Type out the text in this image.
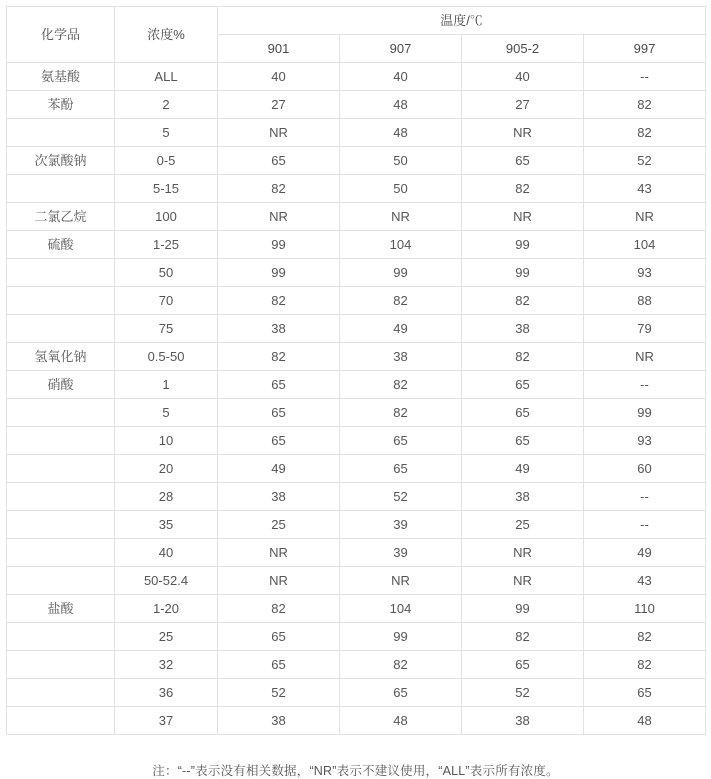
化学品	浓度%	温度/℃			
		901	907	905-2	997
氨基酸	ALL	40	40	40	--
苯酚	2	27	48	27	82
	5	NR	48	NR	82
次氯酸钠	0-5	65	50	65	52
	5-15	82	50	82	43
二氯乙烷	100	NR	NR	NR	NR
硫酸	1-25	99	104	99	104
	50	99	99	99	93
	70	82	82	82	88
	75	38	49	38	79
氢氧化钠	0.5-50	82	38	82	NR
硝酸	1	65	82	65	--
	5	65	82	65	99
	10	65	65	65	93
	20	49	65	49	60
	28	38	52	38	--
	35	25	39	25	--
	40	NR	39	NR	49
	50-52.4	NR	NR	NR	43
盐酸	1-20	82	104	99	110
	25	65	99	82	82
	32	65	82	65	82
	36	52	65	52	65
	37	38	48	38	48
注：“--”表示没有相关数据，“NR”表示不建议使用，“ALL”表示所有浓度。
